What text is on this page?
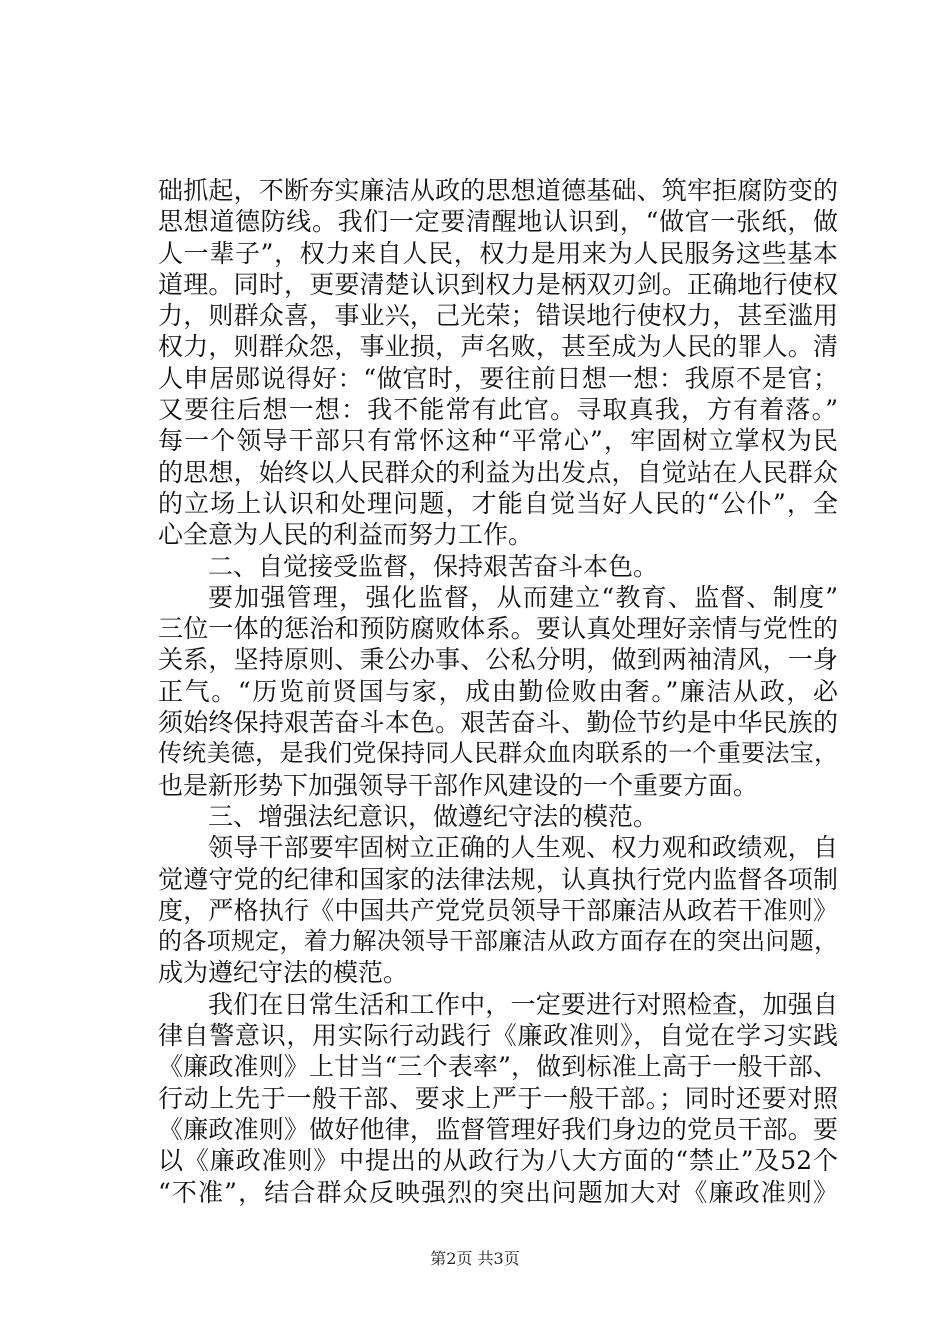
础抓起，不断夯实廉洁从政的思想道德基础、筑牢拒腐防变的
思想道德防线。我们一定要清醒地认识到，“做官一张纸，做
人一辈子”，权力来自人民，权力是用来为人民服务这些基本
道理。同时，更要清楚认识到权力是柄双刃剑。正确地行使权
力，则群众喜，事业兴，己光荣；错误地行使权力，甚至滥用
权力，则群众怨，事业损，声名败，甚至成为人民的罪人。清
人申居郧说得好：“做官时，要往前日想一想：我原不是官；
又要往后想一想：我不能常有此官。寻取真我，方有着落。”
每一个领导干部只有常怀这种“平常心”，牢固树立掌权为民
的思想，始终以人民群众的利益为出发点，自觉站在人民群众
的立场上认识和处理问题，才能自觉当好人民的“公仆”，全
心全意为人民的利益而努力工作。
二、自觉接受监督，保持艰苦奋斗本色。
要加强管理，强化监督，从而建立“教育、监督、制度”
三位一体的惩治和预防腐败体系。要认真处理好亲情与党性的
关系，坚持原则、秉公办事、公私分明，做到两袖清风，一身
正气。“历览前贤国与家，成由勤俭败由奢。”廉洁从政，必
须始终保持艰苦奋斗本色。艰苦奋斗、勤俭节约是中华民族的
传统美德，是我们党保持同人民群众血肉联系的一个重要法宝，
也是新形势下加强领导干部作风建设的一个重要方面。
三、增强法纪意识，做遵纪守法的模范。
领导干部要牢固树立正确的人生观、权力观和政绩观，自
觉遵守党的纪律和国家的法律法规，认真执行党内监督各项制
度，严格执行《中国共产党党员领导干部廉洁从政若干准则》
的各项规定，着力解决领导干部廉洁从政方面存在的突出问题，
成为遵纪守法的模范。
我们在日常生活和工作中，一定要进行对照检查，加强自
律自警意识，用实际行动践行《廉政准则》，自觉在学习实践
《廉政准则》上甘当“三个表率”，做到标准上高于一般干部、
行动上先于一般干部、要求上严于一般干部。；同时还要对照
《廉政准则》做好他律，监督管理好我们身边的党员干部。要
以《廉政准则》中提出的从政行为八大方面的“禁止”及52个
“不准”，结合群众反映强烈的突出问题加大对《廉政准则》
第2页 共3页
